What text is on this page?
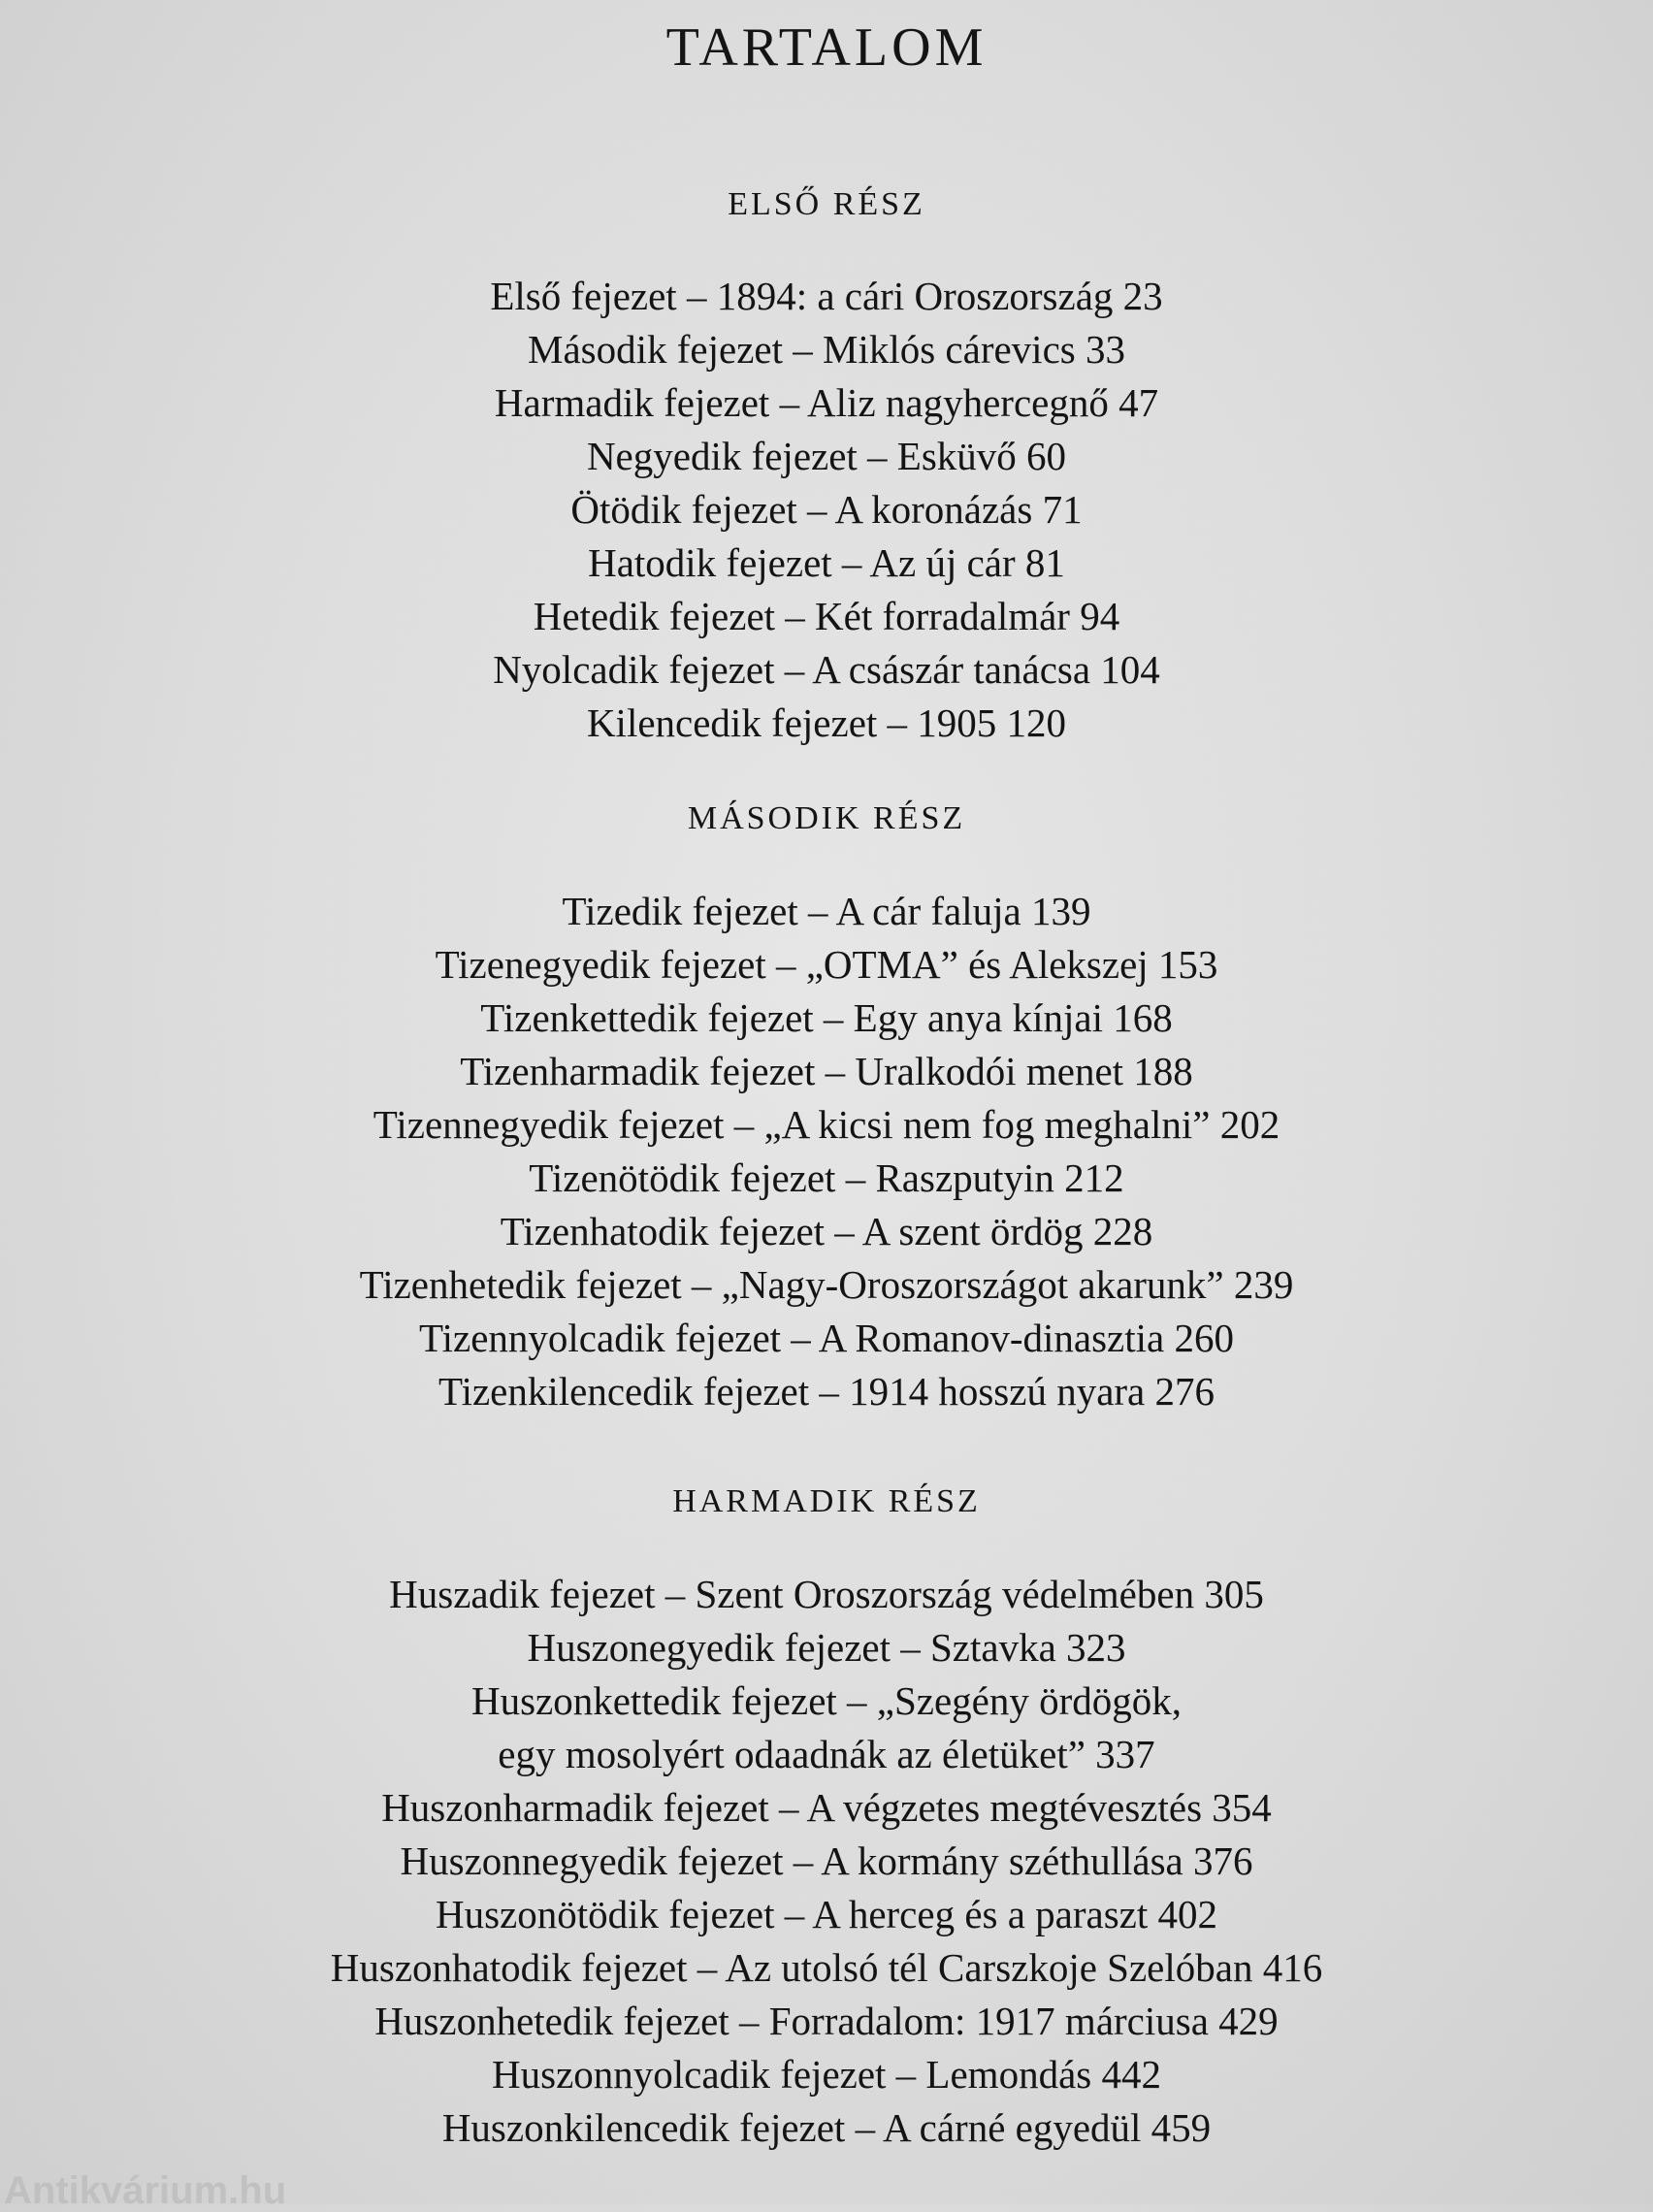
TARTALOM
ELSŐ RÉSZ
Első fejezet – 1894: a cári Oroszország 23
Második fejezet – Miklós cárevics 33
Harmadik fejezet – Aliz nagyhercegnő 47
Negyedik fejezet – Esküvő 60
Ötödik fejezet – A koronázás 71
Hatodik fejezet – Az új cár 81
Hetedik fejezet – Két forradalmár 94
Nyolcadik fejezet – A császár tanácsa 104
Kilencedik fejezet – 1905 120
MÁSODIK RÉSZ
Tizedik fejezet – A cár faluja 139
Tizenegyedik fejezet – „OTMA” és Alekszej 153
Tizenkettedik fejezet – Egy anya kínjai 168
Tizenharmadik fejezet – Uralkodói menet 188
Tizennegyedik fejezet – „A kicsi nem fog meghalni” 202
Tizenötödik fejezet – Raszputyin 212
Tizenhatodik fejezet – A szent ördög 228
Tizenhetedik fejezet – „Nagy-Oroszországot akarunk” 239
Tizennyolcadik fejezet – A Romanov-dinasztia 260
Tizenkilencedik fejezet – 1914 hosszú nyara 276
HARMADIK RÉSZ
Huszadik fejezet – Szent Oroszország védelmében 305
Huszonegyedik fejezet – Sztavka 323
Huszonkettedik fejezet – „Szegény ördögök,
egy mosolyért odaadnák az életüket” 337
Huszonharmadik fejezet – A végzetes megtévesztés 354
Huszonnegyedik fejezet – A kormány széthullása 376
Huszonötödik fejezet – A herceg és a paraszt 402
Huszonhatodik fejezet – Az utolsó tél Carszkoje Szelóban 416
Huszonhetedik fejezet – Forradalom: 1917 márciusa 429
Huszonnyolcadik fejezet – Lemondás 442
Huszonkilencedik fejezet – A cárné egyedül 459
Antikvárium.hu
